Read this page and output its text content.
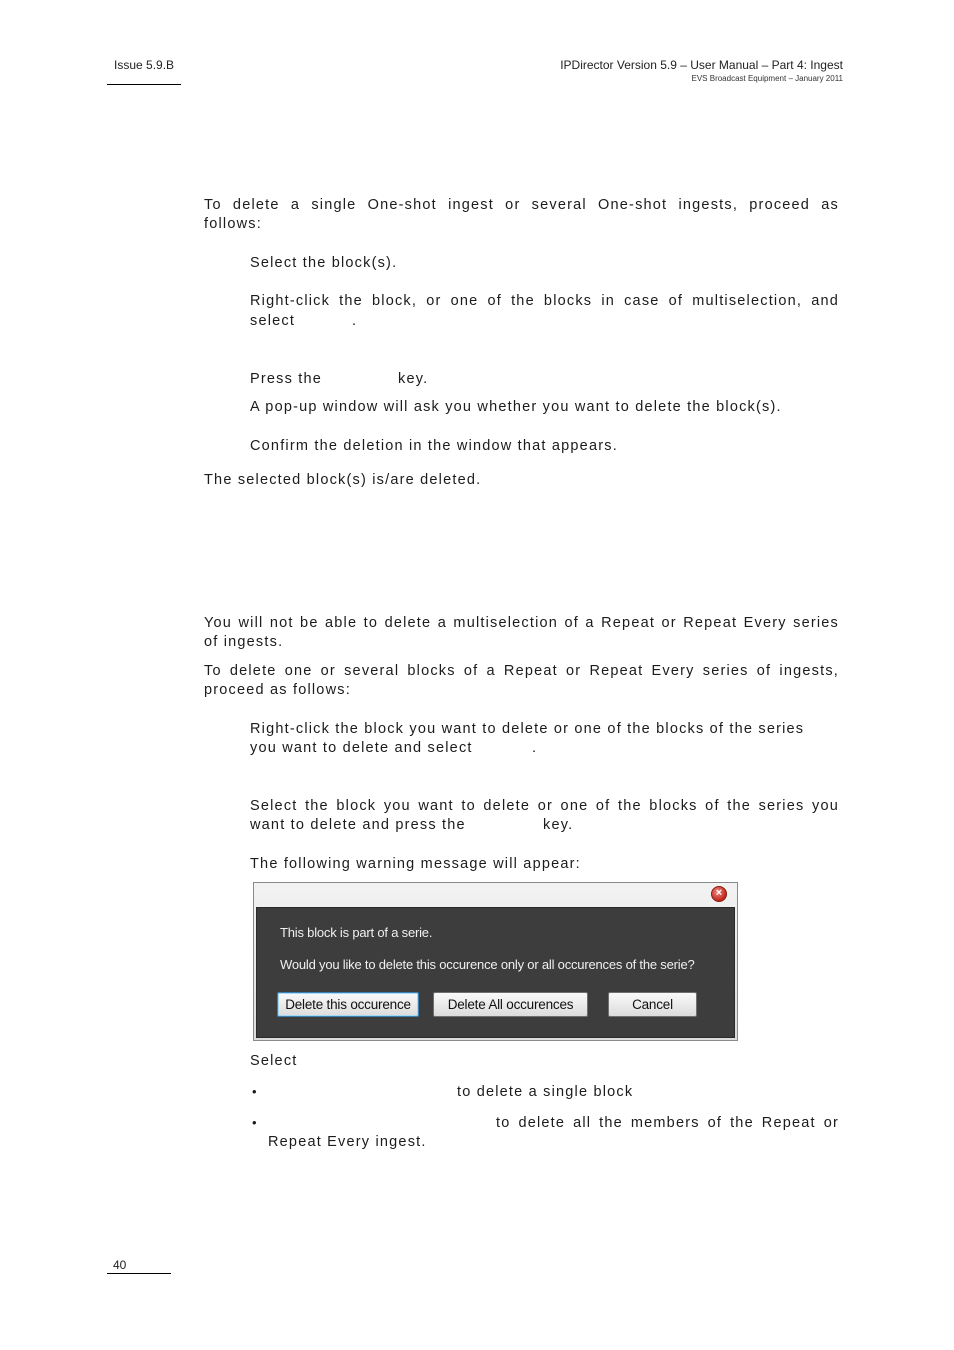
Issue 5.9.B	IPDirector Version 5.9 – User Manual – Part 4: Ingest
EVS Broadcast Equipment – January 2011
To delete a single One-shot ingest or several One-shot ingests, proceed as
follows:
Select the block(s).
Right-click the block, or one of the blocks in case of multiselection, and
select	.
Press the	key.
A pop-up window will ask you whether you want to delete the block(s).
Confirm the deletion in the window that appears.
The selected block(s) is/are deleted.
You will not be able to delete a multiselection of a Repeat or Repeat Every series
of ingests.
To delete one or several blocks of a Repeat or Repeat Every series of ingests,
proceed as follows:
Right-click the block you want to delete or one of the blocks of the series
you want to delete and select	.
Select the block you want to delete or one of the blocks of the series you
want to delete and press the	key.
The following warning message will appear:
×
This block is part of a serie.
Would you like to delete this occurence only or all occurences of the serie?
Delete this occurence	Delete All occurences	Cancel
Select
•	to delete a single block
•	to delete all the members of the Repeat or
Repeat Every ingest.
40
